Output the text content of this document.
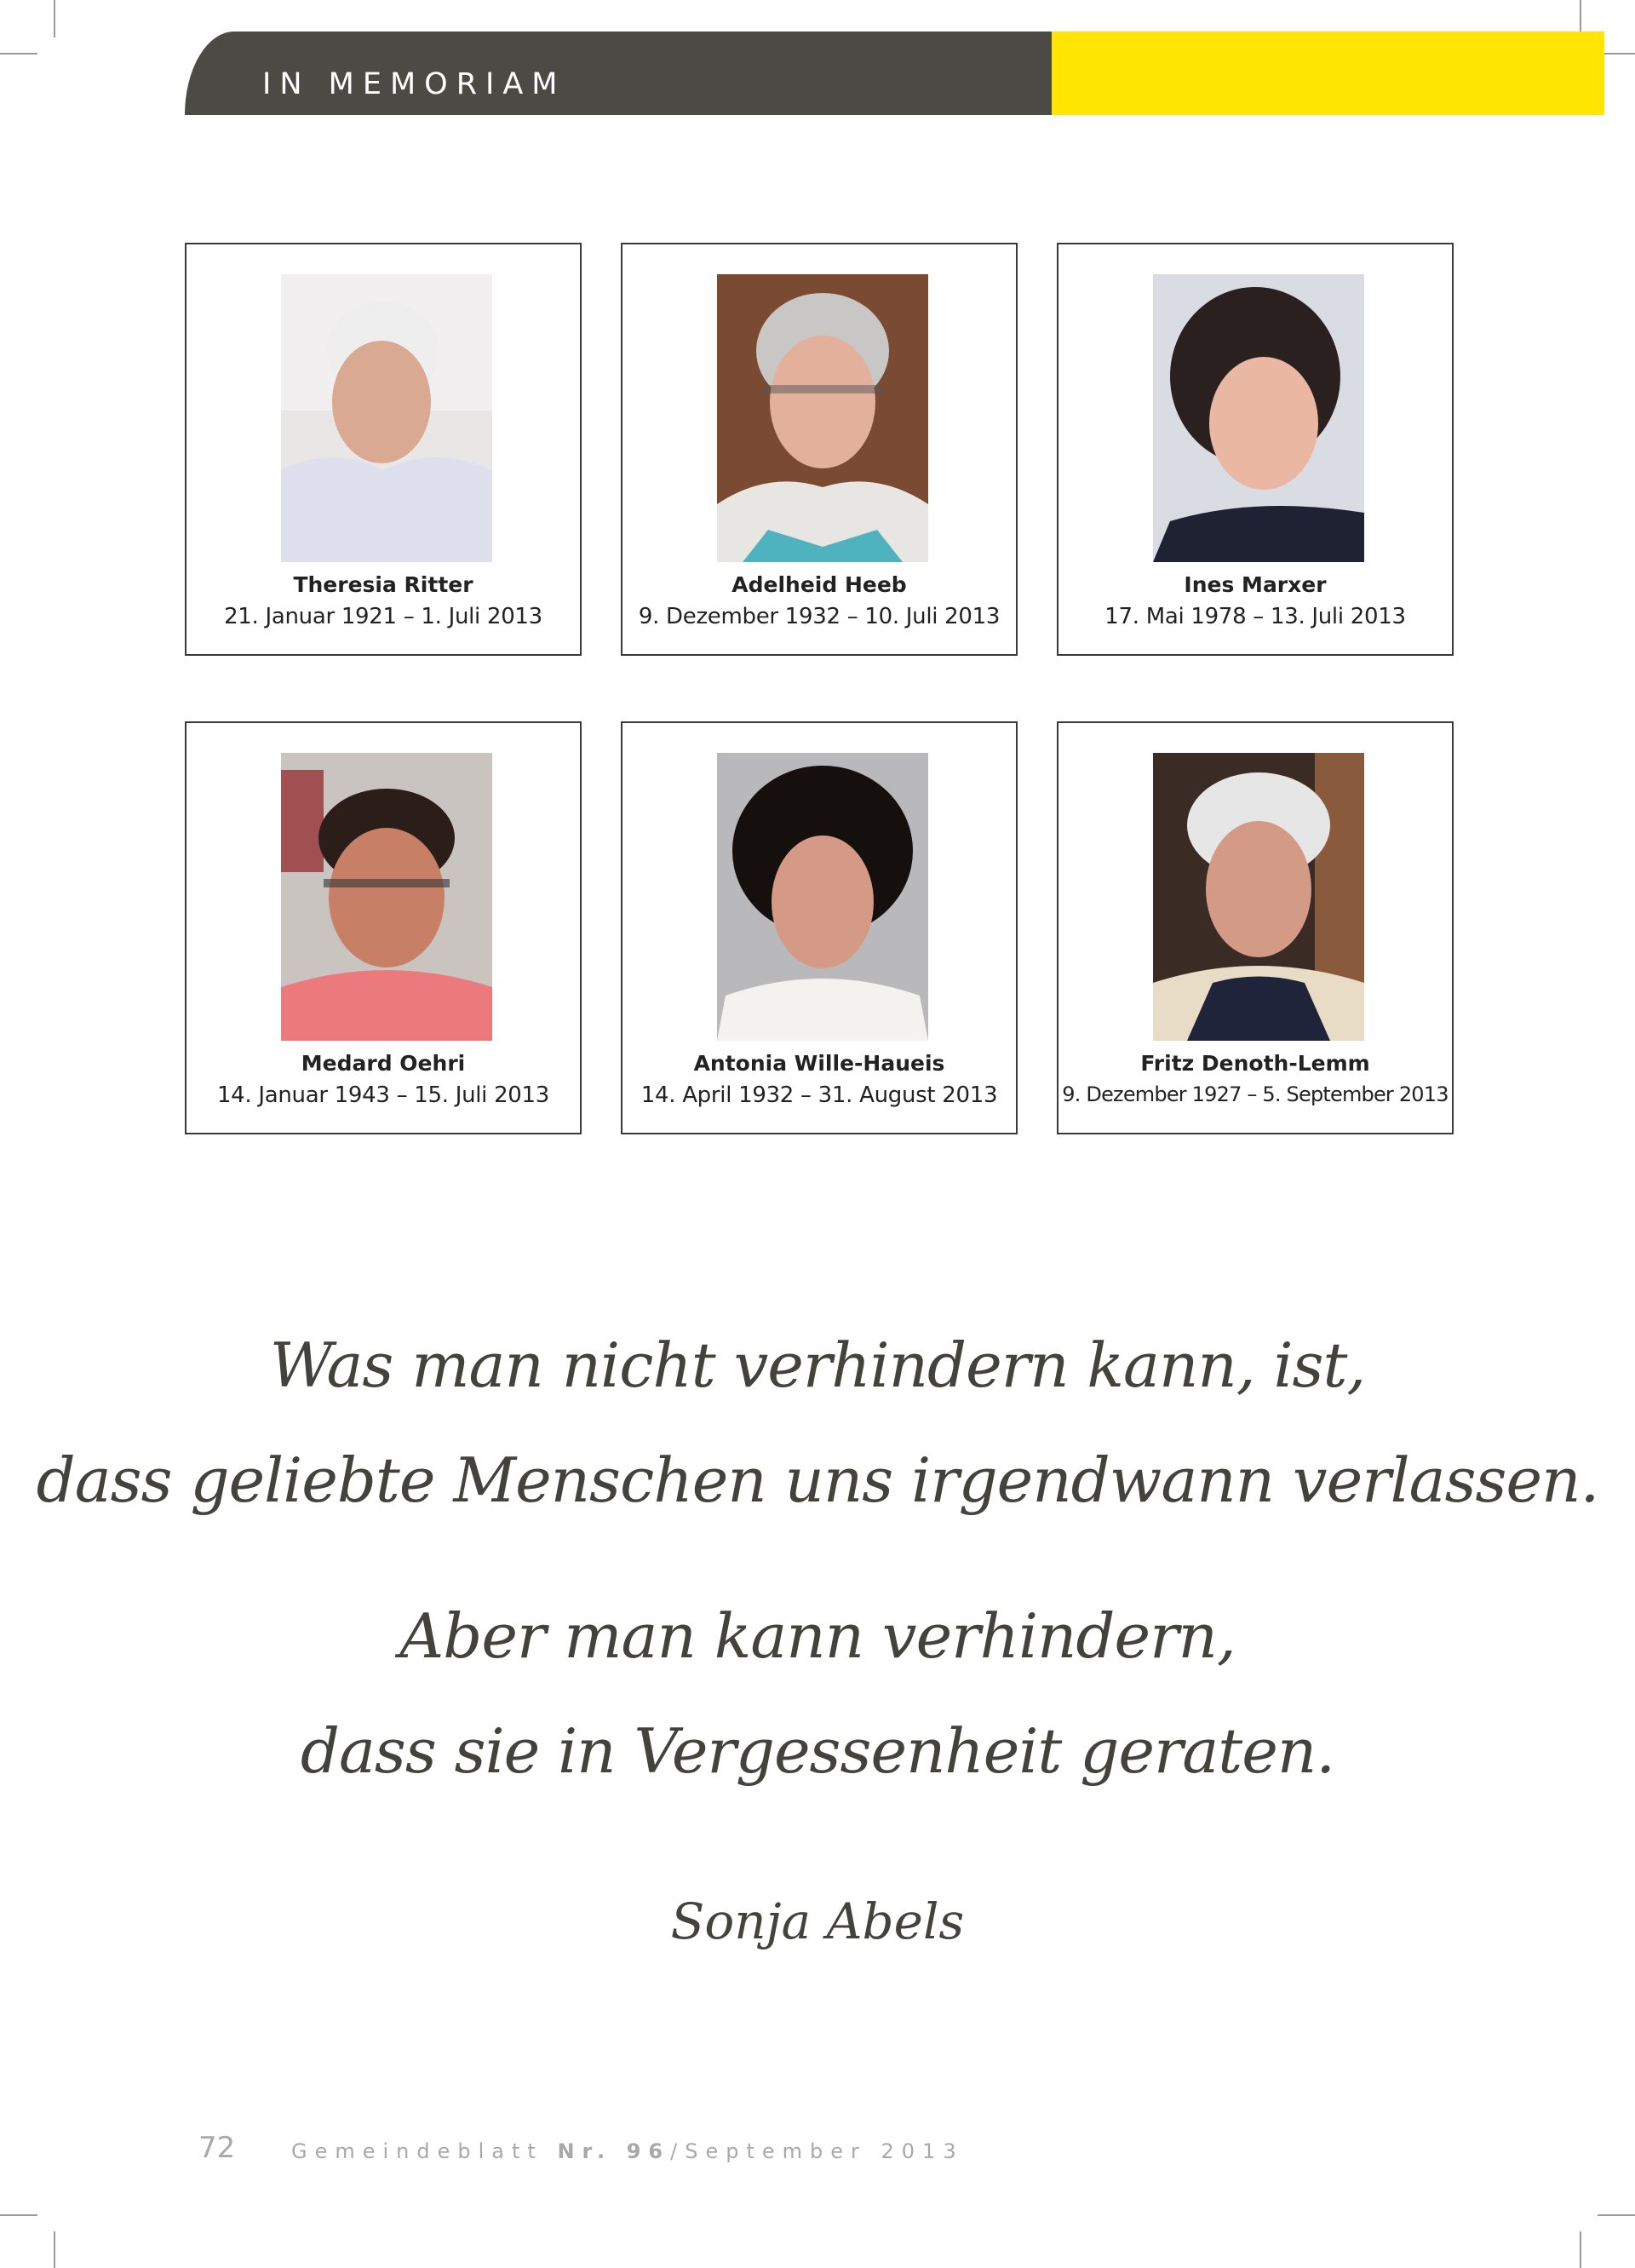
IN MEMORIAM
Theresia Ritter
21. Januar 1921 – 1. Juli 2013
Adelheid Heeb
9. Dezember 1932 – 10. Juli 2013
Ines Marxer
17. Mai 1978 – 13. Juli 2013
Medard Oehri
14. Januar 1943 – 15. Juli 2013
Antonia Wille-Haueis
14. April 1932 – 31. August 2013
Fritz Denoth-Lemm
9. Dezember 1927 – 5. September 2013
Was man nicht verhindern kann, ist,
dass geliebte Menschen uns irgendwann verlassen.
Aber man kann verhindern,
dass sie in Vergessenheit geraten.
Sonja Abels
72	Gemeindeblatt Nr. 96/September 2013
